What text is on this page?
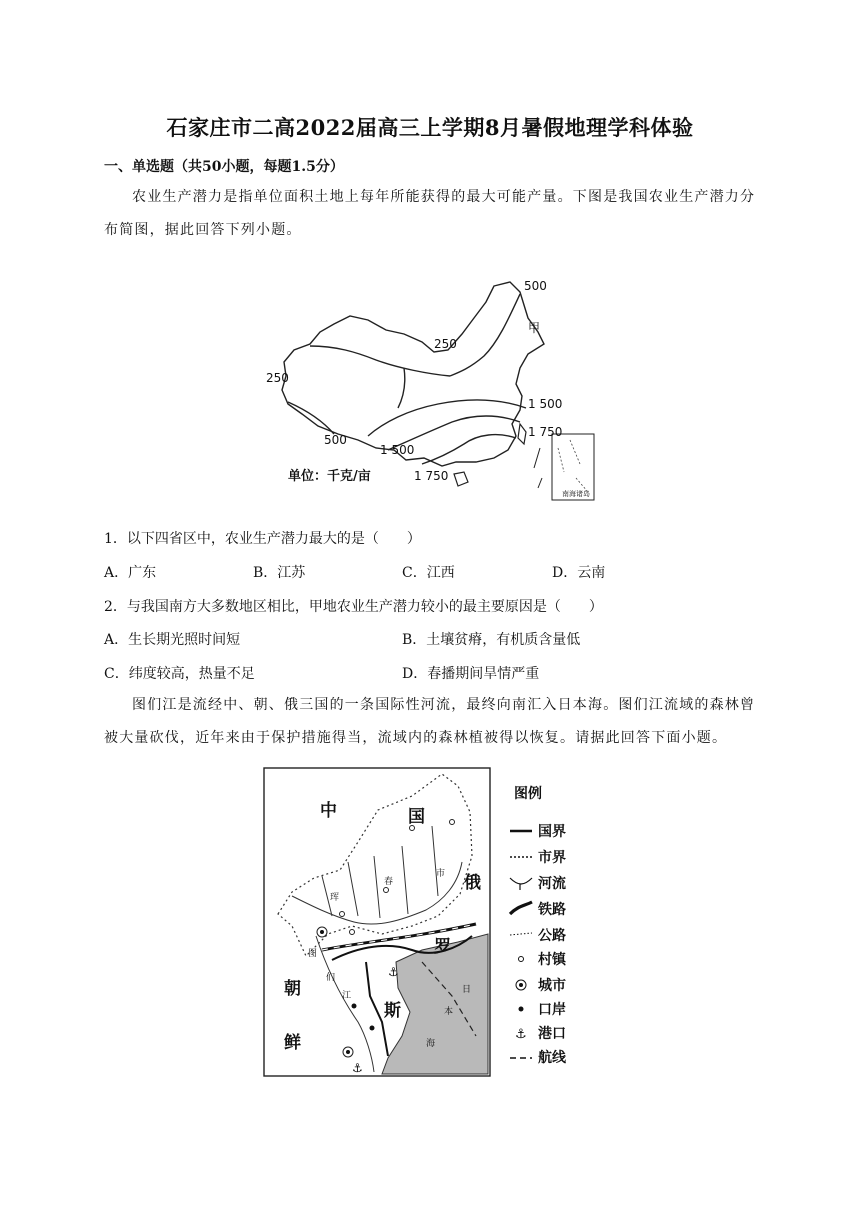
石家庄市二高2022届高三上学期8月暑假地理学科体验
一、单选题（共50小题，每题1.5分）
农业生产潜力是指单位面积土地上每年所能获得的最大可能产量。下图是我国农业生产潜力分布简图，据此回答下列小题。
500
250
250
甲
1 500
500
1 500
1 750
1 750
单位：千克/亩
南海诸岛
1．以下四省区中，农业生产潜力最大的是（　　）
A．广东	B．江苏	C．江西	D．云南
2．与我国南方大多数地区相比，甲地农业生产潜力较小的最主要原因是（　　）
A．生长期光照时间短	B．土壤贫瘠，有机质含量低
C．纬度较高，热量不足	D．春播期间旱情严重
图们江是流经中、朝、俄三国的一条国际性河流，最终向南汇入日本海。图们江流域的森林曾被大量砍伐，近年来由于保护措施得当，流域内的森林植被得以恢复。请据此回答下面小题。
⚓
⚓
中	国
俄
罗
斯
朝
鲜
图
们
江
珲
春
市
日
本
海
图例
国界
市界
河流
铁路
公路
村镇
城市
口岸
港口
航线
⚓
